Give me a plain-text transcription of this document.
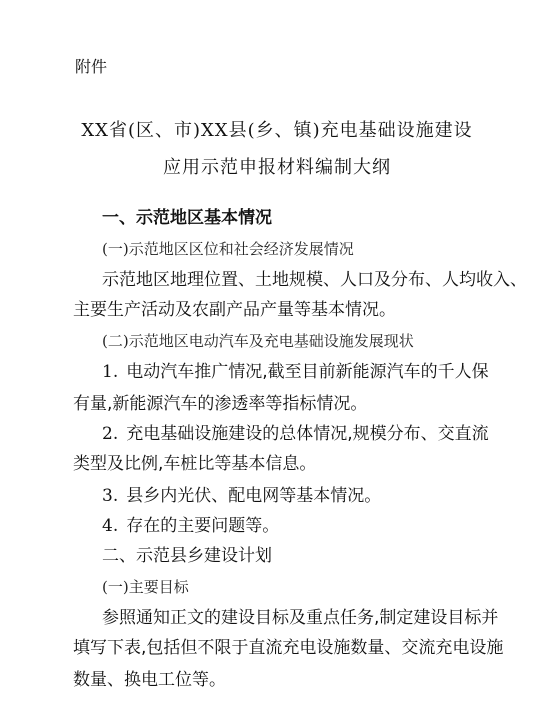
附件
XX省(区、市)XX县(乡、镇)充电基础设施建设
应用示范申报材料编制大纲
一、示范地区基本情况
(一)示范地区区位和社会经济发展情况
示范地区地理位置、土地规模、人口及分布、人均收入、
主要生产活动及农副产品产量等基本情况。
(二)示范地区电动汽车及充电基础设施发展现状
1. 电动汽车推广情况,截至目前新能源汽车的千人保
有量,新能源汽车的渗透率等指标情况。
2. 充电基础设施建设的总体情况,规模分布、交直流
类型及比例,车桩比等基本信息。
3. 县乡内光伏、配电网等基本情况。
4. 存在的主要问题等。
二、示范县乡建设计划
(一)主要目标
参照通知正文的建设目标及重点任务,制定建设目标并
填写下表,包括但不限于直流充电设施数量、交流充电设施
数量、换电工位等。
